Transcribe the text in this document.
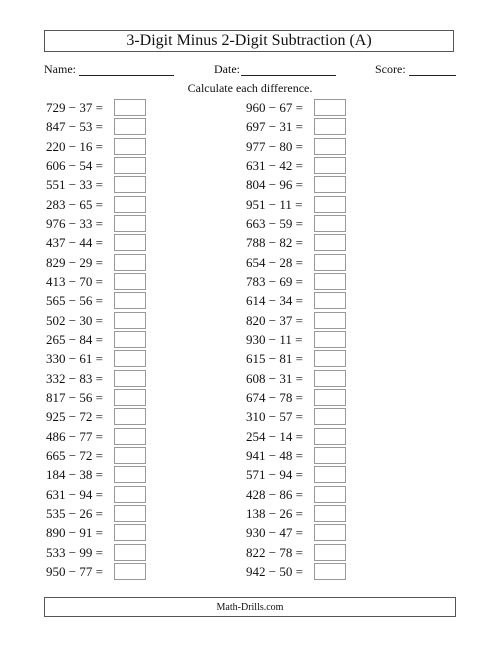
3-Digit Minus 2-Digit Subtraction (A)
Name:	Date:	Score:
Calculate each difference.
729 − 37 =
847 − 53 =
220 − 16 =
606 − 54 =
551 − 33 =
283 − 65 =
976 − 33 =
437 − 44 =
829 − 29 =
413 − 70 =
565 − 56 =
502 − 30 =
265 − 84 =
330 − 61 =
332 − 83 =
817 − 56 =
925 − 72 =
486 − 77 =
665 − 72 =
184 − 38 =
631 − 94 =
535 − 26 =
890 − 91 =
533 − 99 =
950 − 77 =
960 − 67 =
697 − 31 =
977 − 80 =
631 − 42 =
804 − 96 =
951 − 11 =
663 − 59 =
788 − 82 =
654 − 28 =
783 − 69 =
614 − 34 =
820 − 37 =
930 − 11 =
615 − 81 =
608 − 31 =
674 − 78 =
310 − 57 =
254 − 14 =
941 − 48 =
571 − 94 =
428 − 86 =
138 − 26 =
930 − 47 =
822 − 78 =
942 − 50 =
Math-Drills.com
